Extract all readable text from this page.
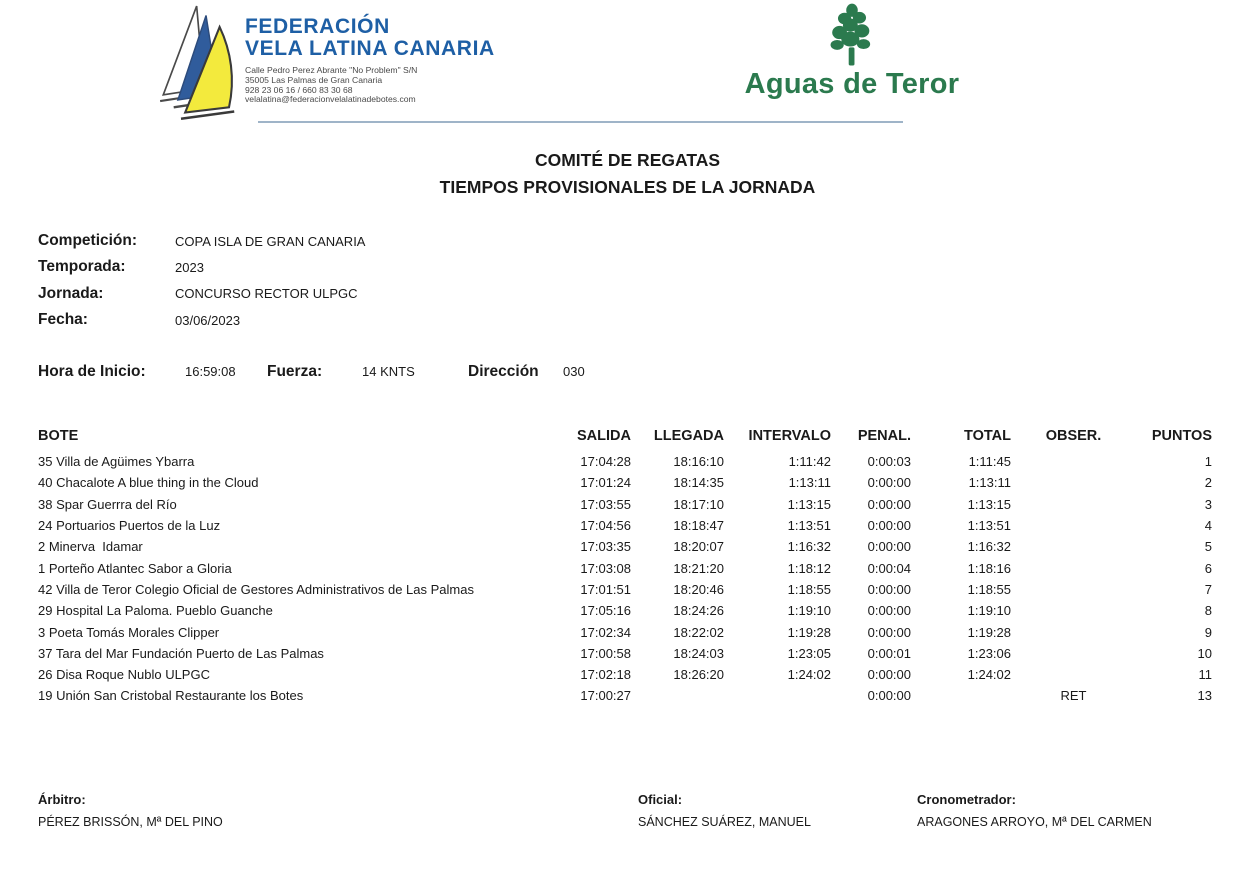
FEDERACIÓN
VELA LATINA CANARIA
Calle Pedro Perez Abrante "No Problem" S/N
35005 Las Palmas de Gran Canaria
928 23 06 16 / 660 83 30 68
velalatina@federacionvelalatinadebotes.com	Aguas de Teror
COMITÉ DE REGATAS
TIEMPOS PROVISIONALES DE LA JORNADA
Competición:	COPA ISLA DE GRAN CANARIA
Temporada:	2023
Jornada:	CONCURSO RECTOR ULPGC
Fecha:	03/06/2023
Hora de Inicio:	16:59:08 Fuerza:	14 KNTS	Dirección 030
BOTE	SALIDA	LLEGADA	INTERVALO	PENAL.	TOTAL	OBSER.	PUNTOS
35 Villa de Agüimes Ybarra	17:04:28	18:16:10	1:11:42	0:00:03	1:11:45		1
40 Chacalote A blue thing in the Cloud	17:01:24	18:14:35	1:13:11	0:00:00	1:13:11		2
38 Spar Guerrra del Río	17:03:55	18:17:10	1:13:15	0:00:00	1:13:15		3
24 Portuarios Puertos de la Luz	17:04:56	18:18:47	1:13:51	0:00:00	1:13:51		4
2 Minerva  Idamar	17:03:35	18:20:07	1:16:32	0:00:00	1:16:32		5
1 Porteño Atlantec Sabor a Gloria	17:03:08	18:21:20	1:18:12	0:00:04	1:18:16		6
42 Villa de Teror Colegio Oficial de Gestores Administrativos de Las Palmas	17:01:51	18:20:46	1:18:55	0:00:00	1:18:55		7
29 Hospital La Paloma. Pueblo Guanche	17:05:16	18:24:26	1:19:10	0:00:00	1:19:10		8
3 Poeta Tomás Morales Clipper	17:02:34	18:22:02	1:19:28	0:00:00	1:19:28		9
37 Tara del Mar Fundación Puerto de Las Palmas	17:00:58	18:24:03	1:23:05	0:00:01	1:23:06		10
26 Disa Roque Nublo ULPGC	17:02:18	18:26:20	1:24:02	0:00:00	1:24:02		11
19 Unión San Cristobal Restaurante los Botes	17:00:27			0:00:00		RET	13
Árbitro:
PÉREZ BRISSÓN, Mª DEL PINO
Oficial:
SÁNCHEZ SUÁREZ, MANUEL
Cronometrador:
ARAGONES ARROYO, Mª DEL CARMEN
